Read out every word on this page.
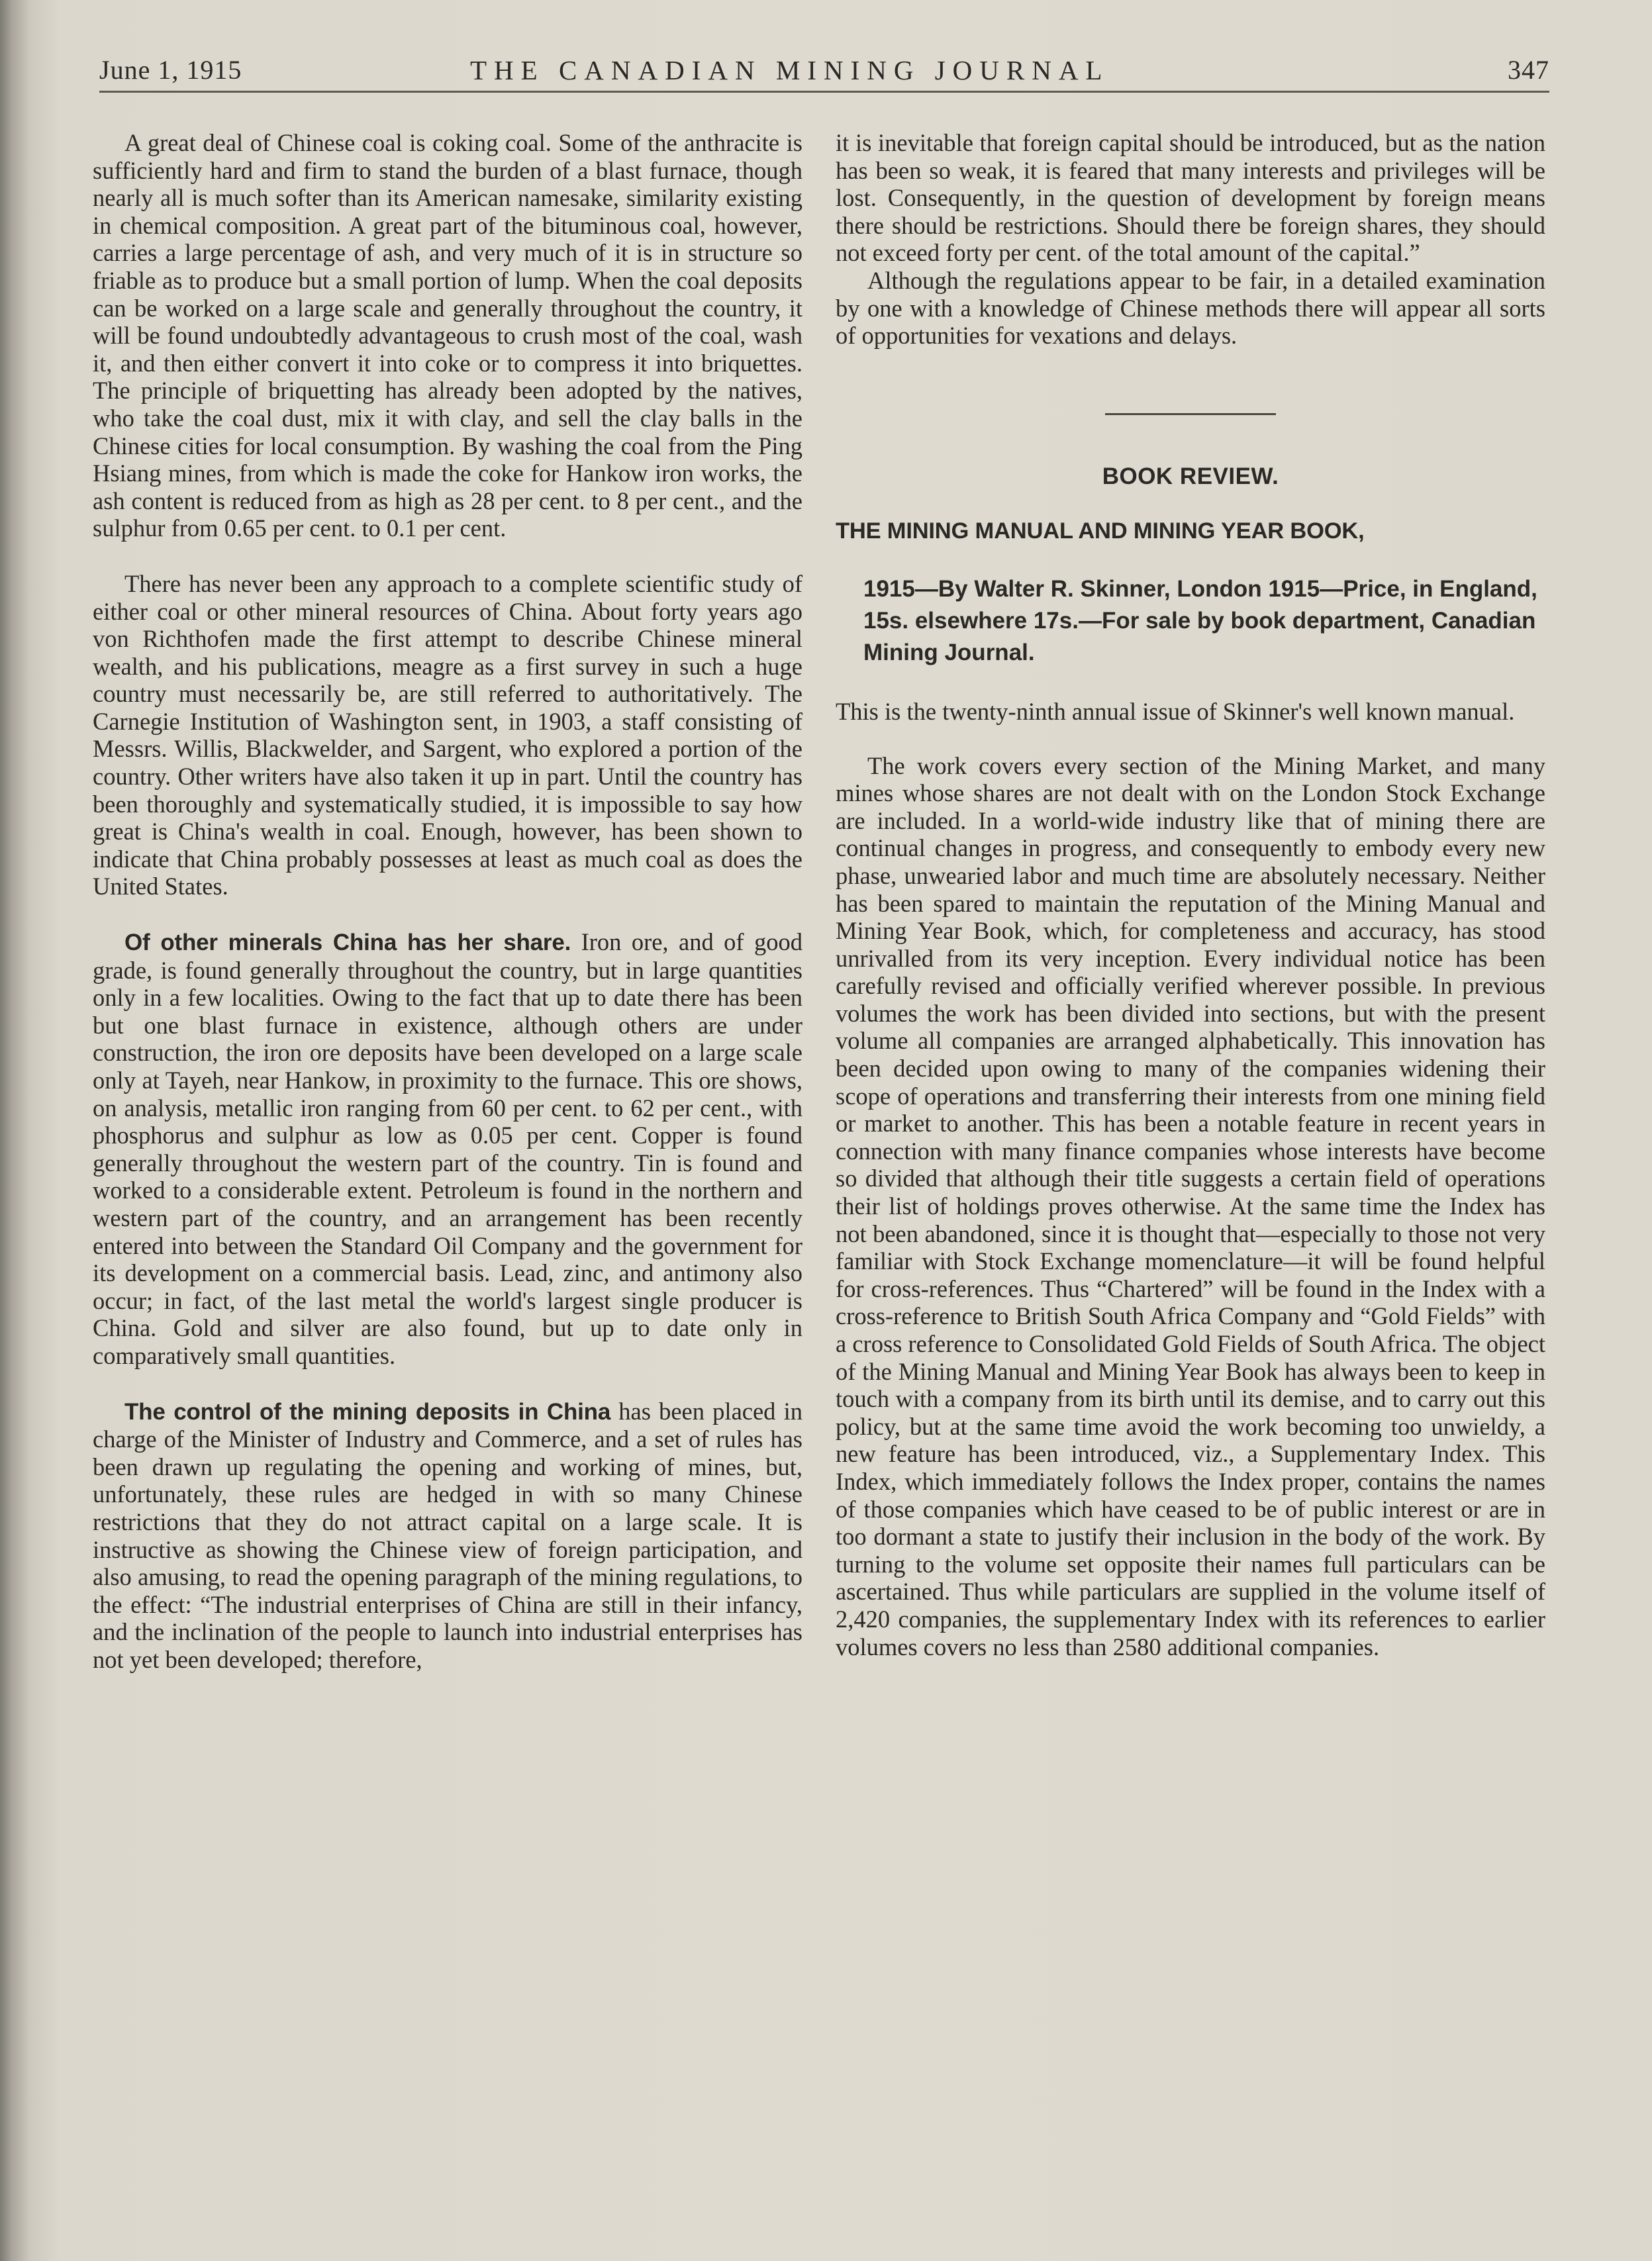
June 1, 1915	THE CANADIAN MINING JOURNAL	347

A great deal of Chinese coal is coking coal. Some of the anthracite is sufficiently hard and firm to stand the burden of a blast furnace, though nearly all is much softer than its American namesake, similarity existing in chemical composition. A great part of the bituminous coal, however, carries a large percentage of ash, and very much of it is in structure so friable as to produce but a small portion of lump. When the coal deposits can be worked on a large scale and generally throughout the country, it will be found undoubtedly advantageous to crush most of the coal, wash it, and then either convert it into coke or to compress it into briquettes. The principle of briquetting has already been adopted by the natives, who take the coal dust, mix it with clay, and sell the clay balls in the Chinese cities for local consumption. By washing the coal from the Ping Hsiang mines, from which is made the coke for Hankow iron works, the ash content is reduced from as high as 28 per cent. to 8 per cent., and the sulphur from 0.65 per cent. to 0.1 per cent.

There has never been any approach to a complete scientific study of either coal or other mineral resources of China. About forty years ago von Richthofen made the first attempt to describe Chinese mineral wealth, and his publications, meagre as a first survey in such a huge country must necessarily be, are still referred to authoritatively. The Carnegie Institution of Washington sent, in 1903, a staff consisting of Messrs. Willis, Blackwelder, and Sargent, who explored a portion of the country. Other writers have also taken it up in part. Until the country has been thoroughly and systematically studied, it is impossible to say how great is China's wealth in coal. Enough, however, has been shown to indicate that China probably possesses at least as much coal as does the United States.

Of other minerals China has her share. Iron ore, and of good grade, is found generally throughout the country, but in large quantities only in a few localities. Owing to the fact that up to date there has been but one blast furnace in existence, although others are under construction, the iron ore deposits have been developed on a large scale only at Tayeh, near Hankow, in proximity to the furnace. This ore shows, on analysis, metallic iron ranging from 60 per cent. to 62 per cent., with phosphorus and sulphur as low as 0.05 per cent. Copper is found generally throughout the western part of the country. Tin is found and worked to a considerable extent. Petroleum is found in the northern and western part of the country, and an arrangement has been recently entered into between the Standard Oil Company and the government for its development on a commercial basis. Lead, zinc, and antimony also occur; in fact, of the last metal the world's largest single producer is China. Gold and silver are also found, but up to date only in comparatively small quantities.

The control of the mining deposits in China has been placed in charge of the Minister of Industry and Commerce, and a set of rules has been drawn up regulating the opening and working of mines, but, unfortunately, these rules are hedged in with so many Chinese restrictions that they do not attract capital on a large scale. It is instructive as showing the Chinese view of foreign participation, and also amusing, to read the opening paragraph of the mining regulations, to the effect: “The industrial enterprises of China are still in their infancy, and the inclination of the people to launch into industrial enterprises has not yet been developed; therefore,

it is inevitable that foreign capital should be introduced, but as the nation has been so weak, it is feared that many interests and privileges will be lost. Consequently, in the question of development by foreign means there should be restrictions. Should there be foreign shares, they should not exceed forty per cent. of the total amount of the capital.”

Although the regulations appear to be fair, in a detailed examination by one with a knowledge of Chinese methods there will appear all sorts of opportunities for vexations and delays.

BOOK REVIEW.
THE MINING MANUAL AND MINING YEAR BOOK,
1915—By Walter R. Skinner, London 1915—Price, in England, 15s. elsewhere 17s.—For sale by book department, Canadian Mining Journal.

This is the twenty-ninth annual issue of Skinner's well known manual.

The work covers every section of the Mining Market, and many mines whose shares are not dealt with on the London Stock Exchange are included. In a world-wide industry like that of mining there are continual changes in progress, and consequently to embody every new phase, unwearied labor and much time are absolutely necessary. Neither has been spared to maintain the reputation of the Mining Manual and Mining Year Book, which, for completeness and accuracy, has stood unrivalled from its very inception. Every individual notice has been carefully revised and officially verified wherever possible. In previous volumes the work has been divided into sections, but with the present volume all companies are arranged alphabetically. This innovation has been decided upon owing to many of the companies widening their scope of operations and transferring their interests from one mining field or market to another. This has been a notable feature in recent years in connection with many finance companies whose interests have become so divided that although their title suggests a certain field of operations their list of holdings proves otherwise. At the same time the Index has not been abandoned, since it is thought that—especially to those not very familiar with Stock Exchange momenclature—it will be found helpful for cross-references. Thus “Chartered” will be found in the Index with a cross-reference to British South Africa Company and “Gold Fields” with a cross reference to Consolidated Gold Fields of South Africa. The object of the Mining Manual and Mining Year Book has always been to keep in touch with a company from its birth until its demise, and to carry out this policy, but at the same time avoid the work becoming too unwieldy, a new feature has been introduced, viz., a Supplementary Index. This Index, which immediately follows the Index proper, contains the names of those companies which have ceased to be of public interest or are in too dormant a state to justify their inclusion in the body of the work. By turning to the volume set opposite their names full particulars can be ascertained. Thus while particulars are supplied in the volume itself of 2,420 companies, the supplementary Index with its references to earlier volumes covers no less than 2580 additional companies.
